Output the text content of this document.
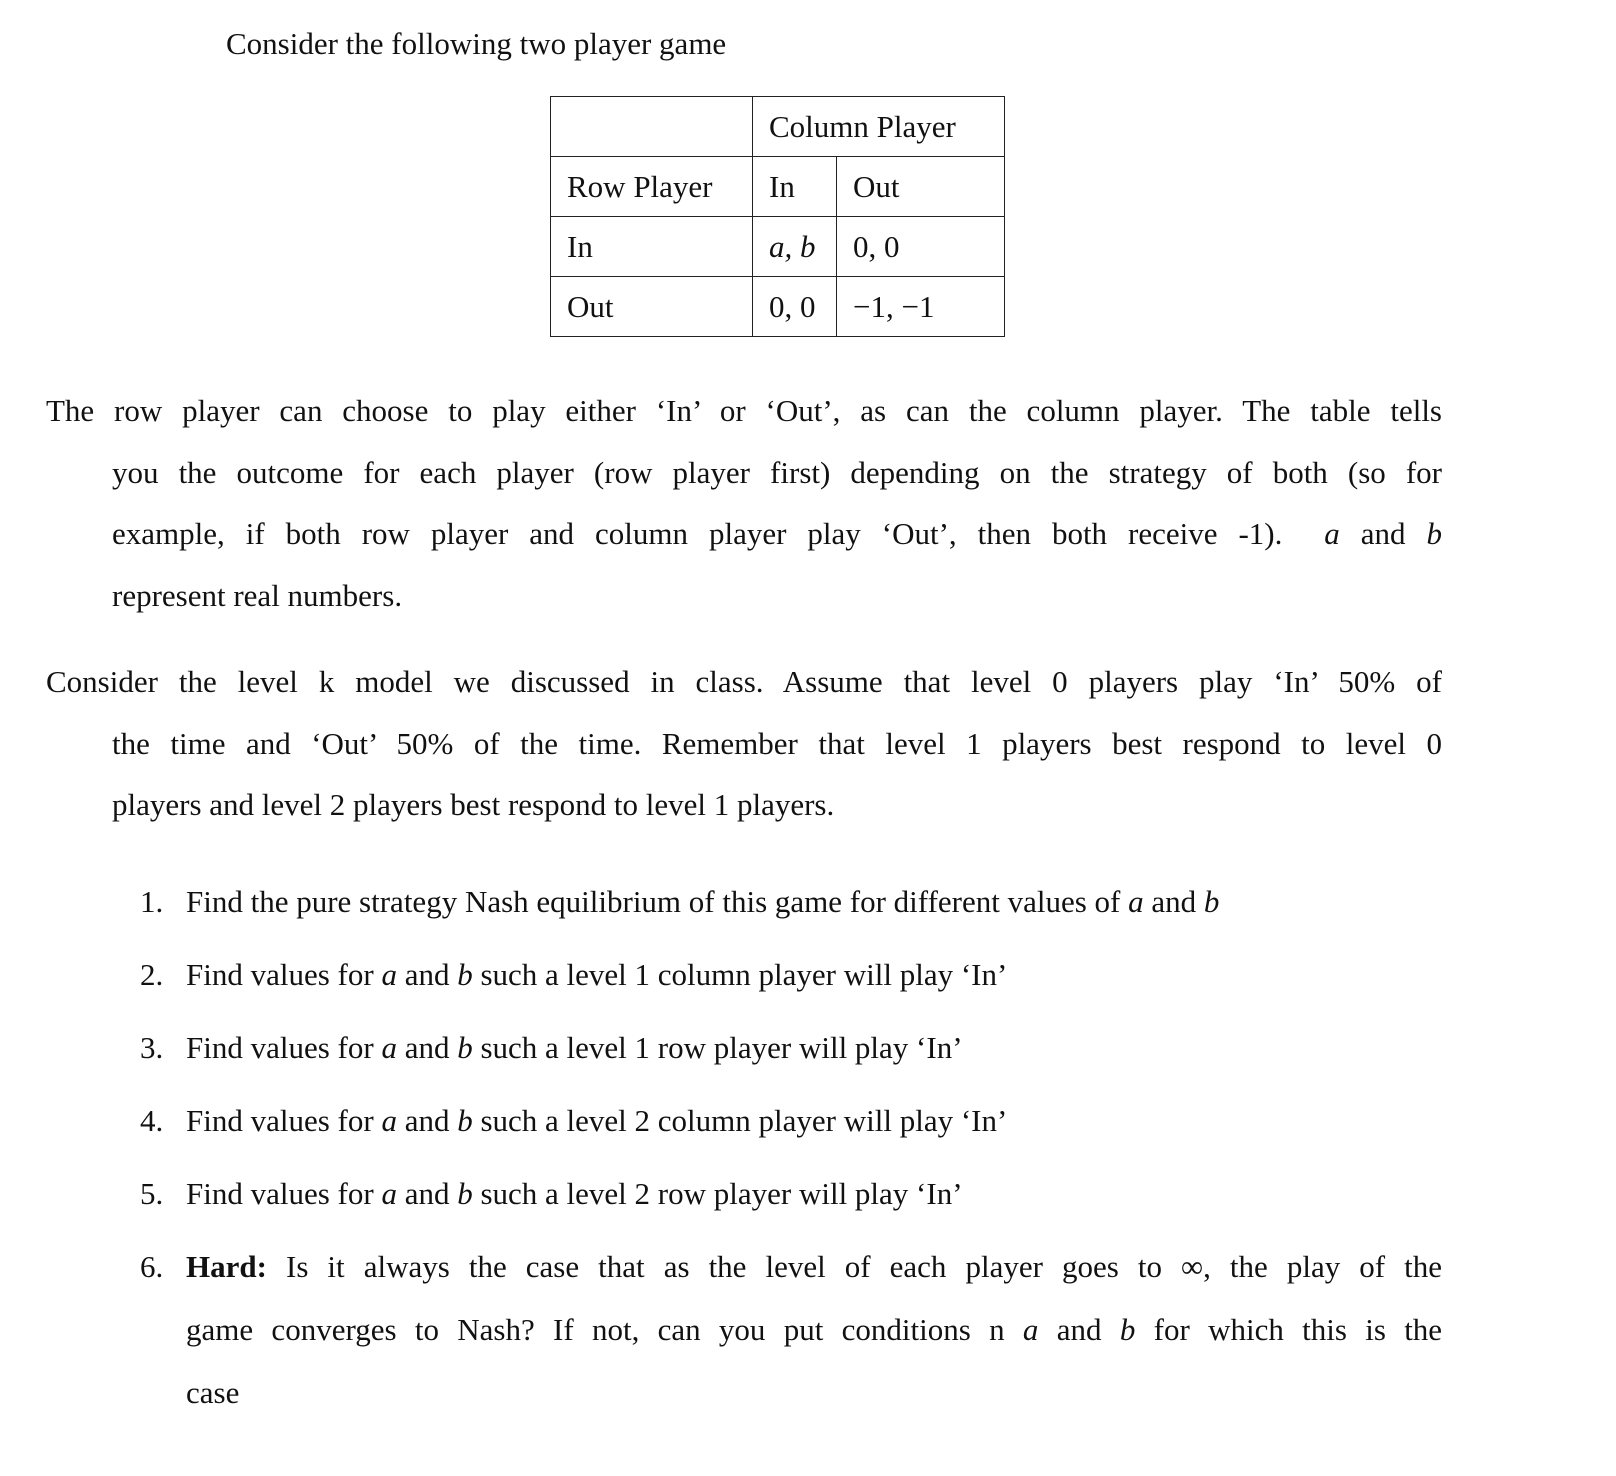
Consider the following two player game

	Column Player	
Row Player	In	Out
In	a, b	0, 0
Out	0, 0	−1, −1
The row player can choose to play either ‘In’ or ‘Out’, as can the column player. The table tells
you the outcome for each player (row player first) depending on the strategy of both (so for
example, if both row player and column player play ‘Out’, then both receive -1). a and b
represent real numbers.
Consider the level k model we discussed in class. Assume that level 0 players play ‘In’ 50% of
the time and ‘Out’ 50% of the time. Remember that level 1 players best respond to level 0
players and level 2 players best respond to level 1 players.
1. Find the pure strategy Nash equilibrium of this game for different values of a and b
2. Find values for a and b such a level 1 column player will play ‘In’
3. Find values for a and b such a level 1 row player will play ‘In’
4. Find values for a and b such a level 2 column player will play ‘In’
5. Find values for a and b such a level 2 row player will play ‘In’
6. Hard: Is it always the case that as the level of each player goes to ∞, the play of the
game converges to Nash? If not, can you put conditions n a and b for which this is the
case
